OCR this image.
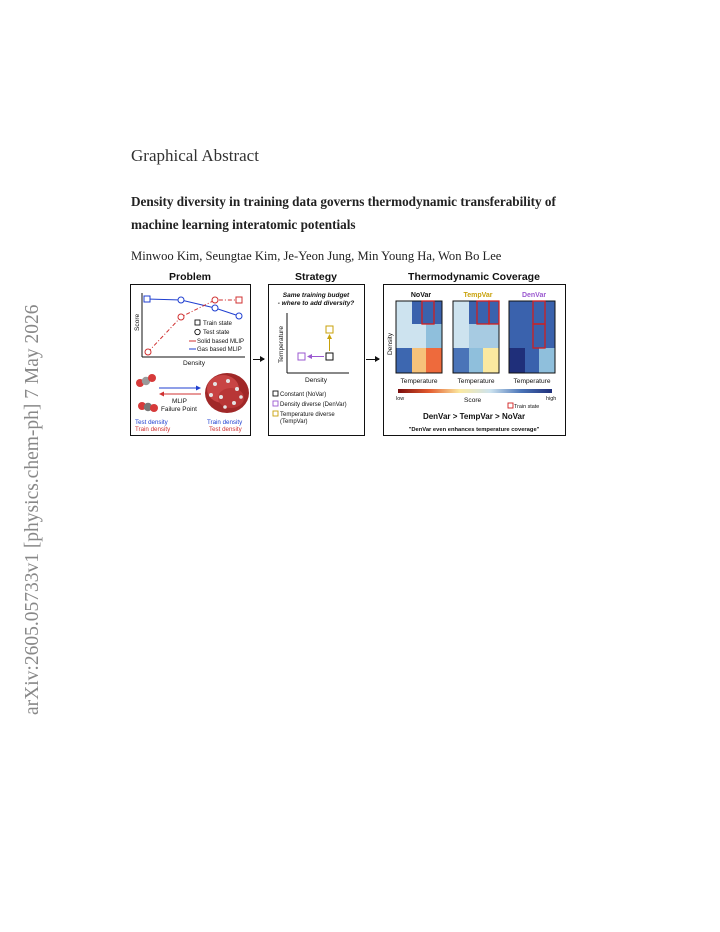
arXiv:2605.05733v1 [physics.chem-ph] 7 May 2026
Graphical Abstract
Density diversity in training data governs thermodynamic transferability of machine learning interatomic potentials
Minwoo Kim, Seungtae Kim, Je-Yeon Jung, Min Young Ha, Won Bo Lee
Problem
Score
Density
Train state
Test state
Solid based MLIP
Gas based MLIP
MLIP
Failure Point
Test density
Train density
Train density
Test density
Strategy
Same training budget
- where to add diversity?
Temperature
Density
Constant (NoVar)
Density diverse (DenVar)
Temperature diverse
(TempVar)
Thermodynamic Coverage
NoVar	TempVar	DenVar
Density
Temperature	Temperature	Temperature
low	Score	high
Train state
DenVar > TempVar > NoVar
"DenVar even enhances temperature coverage"
